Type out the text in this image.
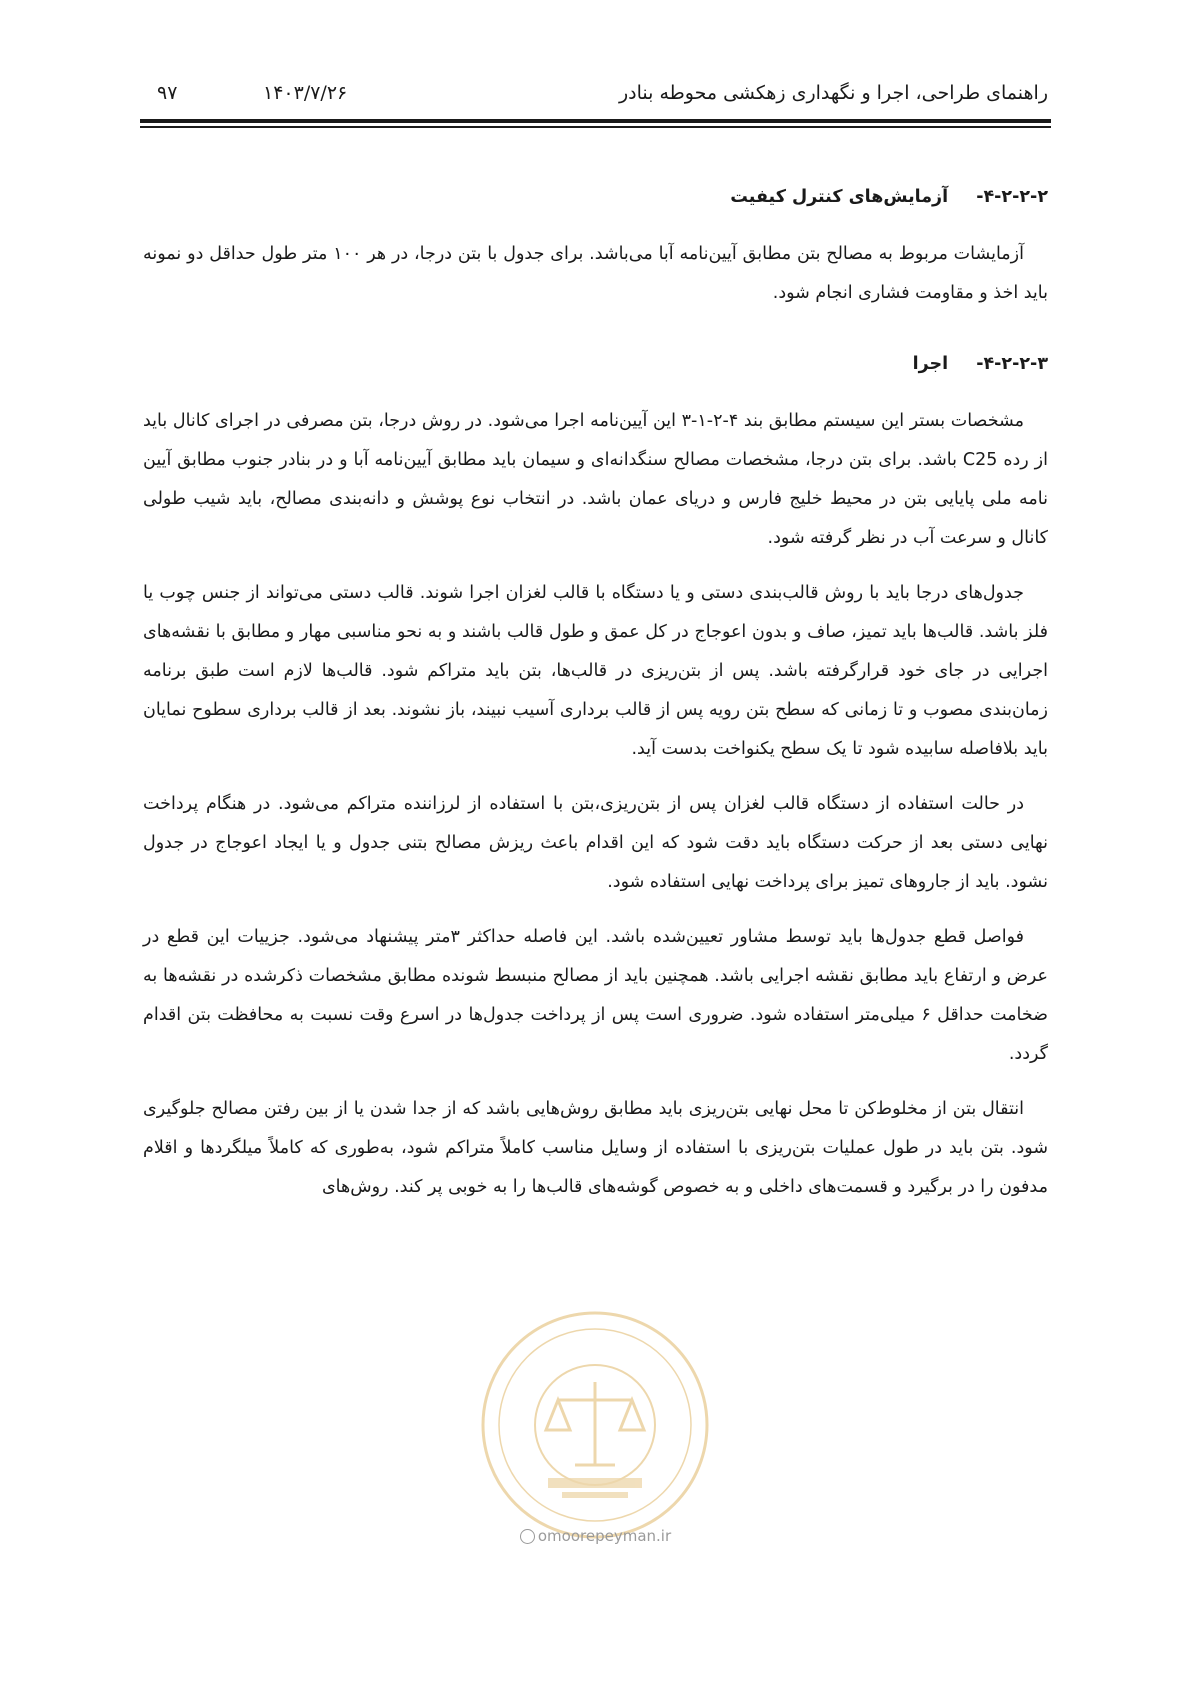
راهنمای طراحی، اجرا و نگهداری زهکشی محوطه بنادر
۱۴۰۳/۷/۲۶
۹۷
۴-۲-۲-۲- آزمایش‌های کنترل کیفیت

آزمایشات مربوط به مصالح بتن مطابق آیین‌نامه آبا می‌باشد. برای جدول با بتن درجا، در هر ۱۰۰ متر طول حداقل دو نمونه باید اخذ و مقاومت فشاری انجام شود.

۴-۲-۲-۳- اجرا

مشخصات بستر این سیستم مطابق بند ۴-۲-۱-۳ این آیین‌نامه اجرا می‌شود. در روش درجا، بتن مصرفی در اجرای کانال باید از رده C25 باشد. برای بتن درجا، مشخصات مصالح سنگدانه‌ای و سیمان باید مطابق آیین‌نامه آبا و در بنادر جنوب مطابق آیین نامه ملی پایایی بتن در محیط خلیج فارس و دریای عمان باشد. در انتخاب نوع پوشش و دانه‌بندی مصالح، باید شیب طولی کانال و سرعت آب در نظر گرفته شود.

جدول‌های درجا باید با روش قالب‌بندی دستی و یا دستگاه با قالب لغزان اجرا شوند. قالب دستی می‌تواند از جنس چوب یا فلز باشد. قالب‌ها باید تمیز، صاف و بدون اعوجاج در کل عمق و طول قالب باشند و به نحو مناسبی مهار و مطابق با نقشه‌های اجرایی در جای خود قرارگرفته باشد. پس از بتن‌ریزی در قالب‌ها، بتن باید متراکم شود. قالب‌ها لازم است طبق برنامه زمان‌بندی مصوب و تا زمانی که سطح بتن رویه پس از قالب برداری آسیب نبیند، باز نشوند. بعد از قالب برداری سطوح نمایان باید بلافاصله سابیده شود تا یک سطح یکنواخت بدست آید.

در حالت استفاده از دستگاه قالب لغزان پس از بتن‌ریزی،بتن با استفاده از لرزاننده متراکم می‌شود. در هنگام پرداخت نهایی دستی بعد از حرکت دستگاه باید دقت شود که این اقدام باعث ریزش مصالح بتنی جدول و یا ایجاد اعوجاج در جدول نشود. باید از جاروهای تمیز برای پرداخت نهایی استفاده شود.

فواصل قطع جدول‌ها باید توسط مشاور تعیین‌شده باشد. این فاصله حداکثر ۳متر پیشنهاد می‌شود. جزییات این قطع در عرض و ارتفاع باید مطابق نقشه اجرایی باشد. همچنین باید از مصالح منبسط شونده مطابق مشخصات ذکرشده در نقشه‌ها به ضخامت حداقل ۶ میلی‌متر استفاده شود. ضروری است پس از پرداخت جدول‌ها در اسرع وقت نسبت به محافظت بتن اقدام گردد.

انتقال بتن از مخلوط‌کن تا محل نهایی بتن‌ریزی باید مطابق روش‌هایی باشد که از جدا شدن یا از بین رفتن مصالح جلوگیری شود. بتن باید در طول عملیات بتن‌ریزی با استفاده از وسایل مناسب کاملاً متراکم شود، به‌طوری که کاملاً میلگردها و اقلام مدفون را در برگیرد و قسمت‌های داخلی و به خصوص گوشه‌های قالب‌ها را به خوبی پر کند. روش‌های

omoorepeyman.ir
